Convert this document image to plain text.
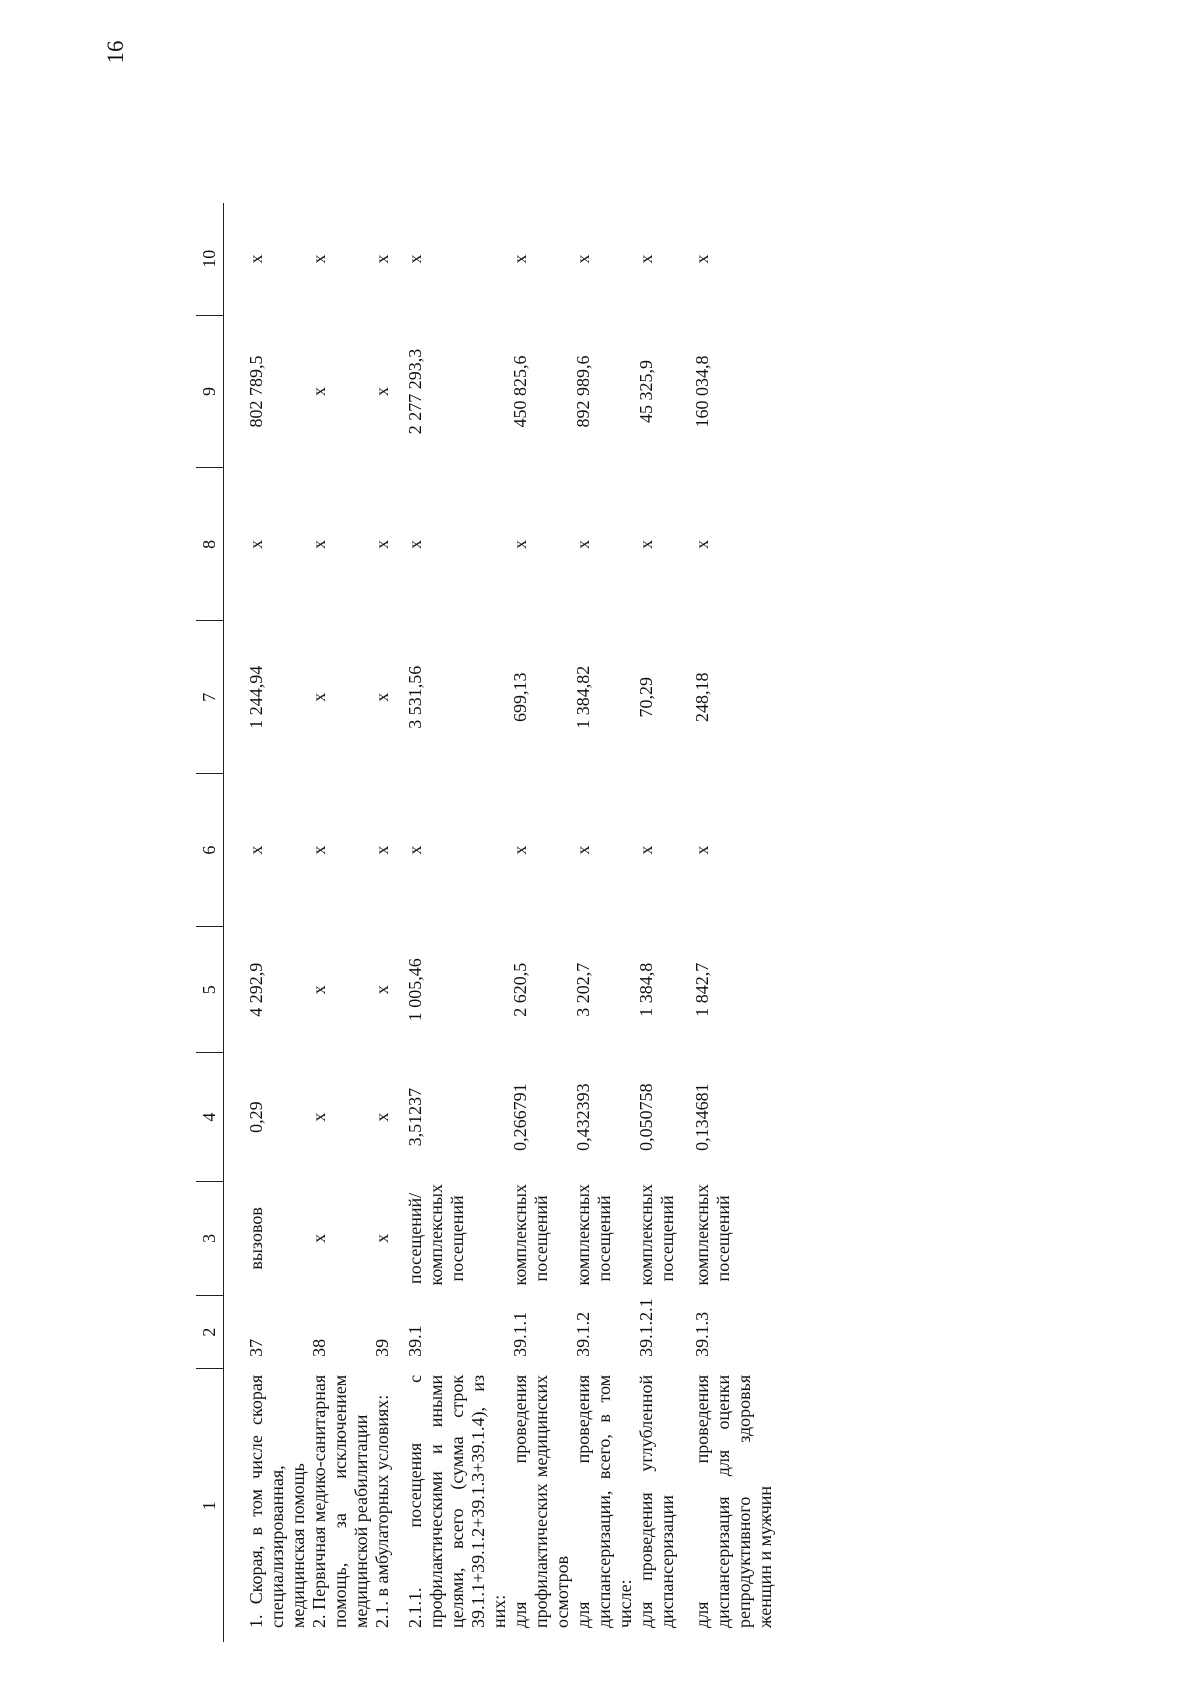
16
1	2	3	4	5	6	7	8	9	10	
1. Скорая, в том числе скорая специализированная, медицинская помощь	37	вызовов	0,29	4 292,9	х	1 244,94	х	802 789,5	х	
2. Первичная медико-санитарная помощь, за исключением медицинской реабилитации	38	х	х	х	х	х	х	х	х	
2.1. в амбулаторных условиях:	39	х	х	х	х	х	х	х	х	
2.1.1. посещения с профилактическими и иными целями, всего (сумма строк 39.1.1+39.1.2+39.1.3+39.1.4), из них:	39.1	посещений/ комплексных посещений	3,51237	1 005,46	х	3 531,56	х	2 277 293,3	х	
для проведения профилактических медицинских осмотров	39.1.1	комплексных посещений	0,266791	2 620,5	х	699,13	х	450 825,6	х	
для проведения диспансеризации, всего, в том числе:	39.1.2	комплексных посещений	0,432393	3 202,7	х	1 384,82	х	892 989,6	х	
для проведения углубленной диспансеризации	39.1.2.1	комплексных посещений	0,050758	1 384,8	х	70,29	х	45 325,9	х	
для проведения диспансеризация для оценки репродуктивного здоровья женщин и мужчин	39.1.3	комплексных посещений	0,134681	1 842,7	х	248,18	х	160 034,8	х	
